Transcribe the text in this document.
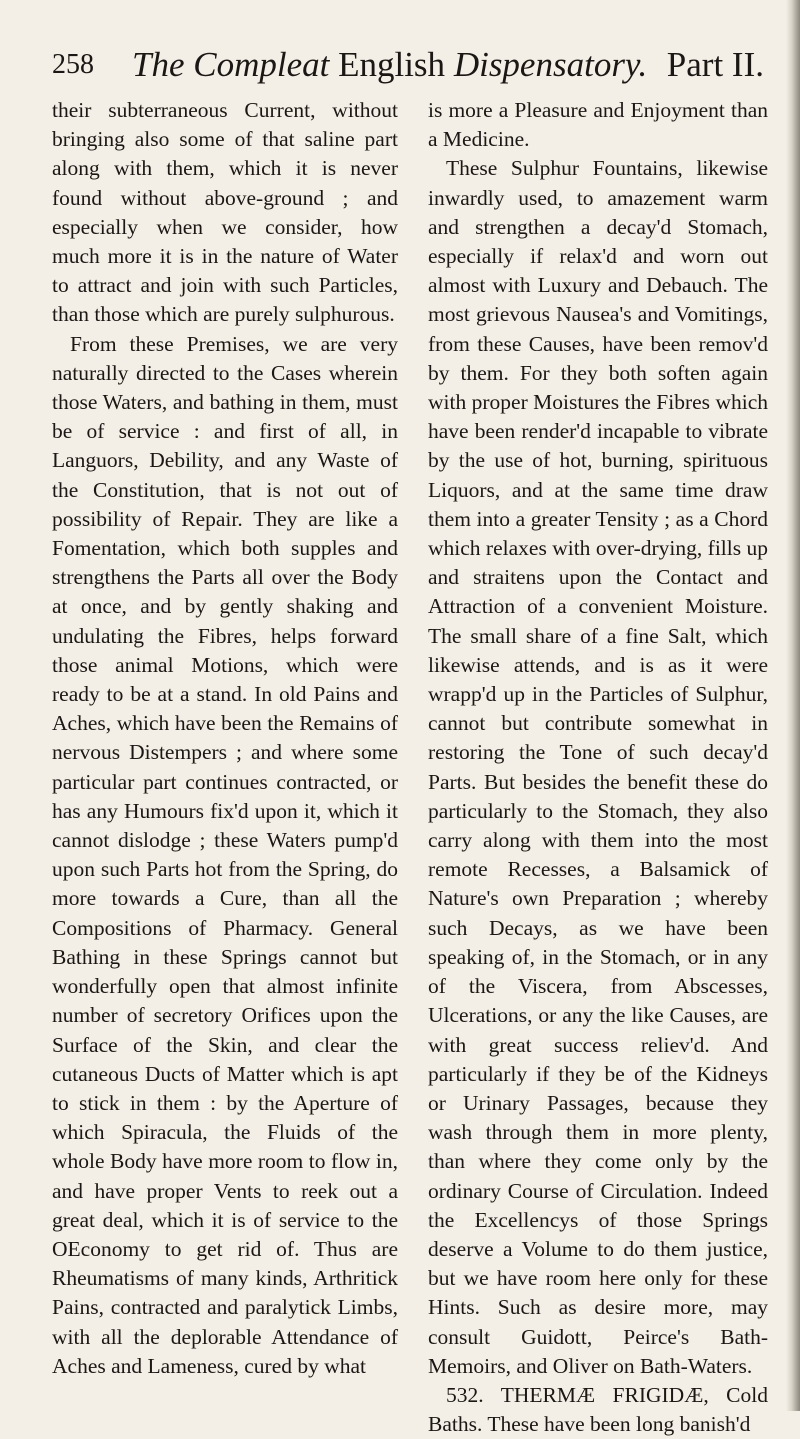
258 The Compleat English Dispensatory. Part II.

their subterraneous Current, without bringing also some of that saline part along with them, which it is never found without above-ground ; and especially when we consider, how much more it is in the nature of Water to attract and join with such Particles, than those which are purely sulphurous.

From these Premises, we are very naturally directed to the Cases wherein those Waters, and bathing in them, must be of service : and first of all, in Languors, Debility, and any Waste of the Constitution, that is not out of possibility of Repair. They are like a Fomentation, which both supples and strengthens the Parts all over the Body at once, and by gently shaking and undulating the Fibres, helps forward those animal Motions, which were ready to be at a stand. In old Pains and Aches, which have been the Remains of nervous Distempers ; and where some particular part continues contracted, or has any Humours fix'd upon it, which it cannot dislodge ; these Waters pump'd upon such Parts hot from the Spring, do more towards a Cure, than all the Compositions of Pharmacy. General Bathing in these Springs cannot but wonderfully open that almost infinite number of secretory Orifices upon the Surface of the Skin, and clear the cutaneous Ducts of Matter which is apt to stick in them : by the Aperture of which Spiracula, the Fluids of the whole Body have more room to flow in, and have proper Vents to reek out a great deal, which it is of service to the OEconomy to get rid of. Thus are Rheumatisms of many kinds, Arthritick Pains, contracted and paralytick Limbs, with all the deplorable Attendance of Aches and Lameness, cured by what

is more a Pleasure and Enjoyment than a Medicine.

These Sulphur Fountains, likewise inwardly used, to amazement warm and strengthen a decay'd Stomach, especially if relax'd and worn out almost with Luxury and Debauch. The most grievous Nausea's and Vomitings, from these Causes, have been remov'd by them. For they both soften again with proper Moistures the Fibres which have been render'd incapable to vibrate by the use of hot, burning, spirituous Liquors, and at the same time draw them into a greater Tensity ; as a Chord which relaxes with over-drying, fills up and straitens upon the Contact and Attraction of a convenient Moisture. The small share of a fine Salt, which likewise attends, and is as it were wrapp'd up in the Particles of Sulphur, cannot but contribute somewhat in restoring the Tone of such decay'd Parts. But besides the benefit these do particularly to the Stomach, they also carry along with them into the most remote Recesses, a Balsamick of Nature's own Preparation ; whereby such Decays, as we have been speaking of, in the Stomach, or in any of the Viscera, from Abscesses, Ulcerations, or any the like Causes, are with great success reliev'd. And particularly if they be of the Kidneys or Urinary Passages, because they wash through them in more plenty, than where they come only by the ordinary Course of Circulation. Indeed the Excellencys of those Springs deserve a Volume to do them justice, but we have room here only for these Hints. Such as desire more, may consult Guidott, Peirce's Bath-Memoirs, and Oliver on Bath-Waters.

532. THERMÆ FRIGIDÆ, Cold Baths. These have been long banish'd
